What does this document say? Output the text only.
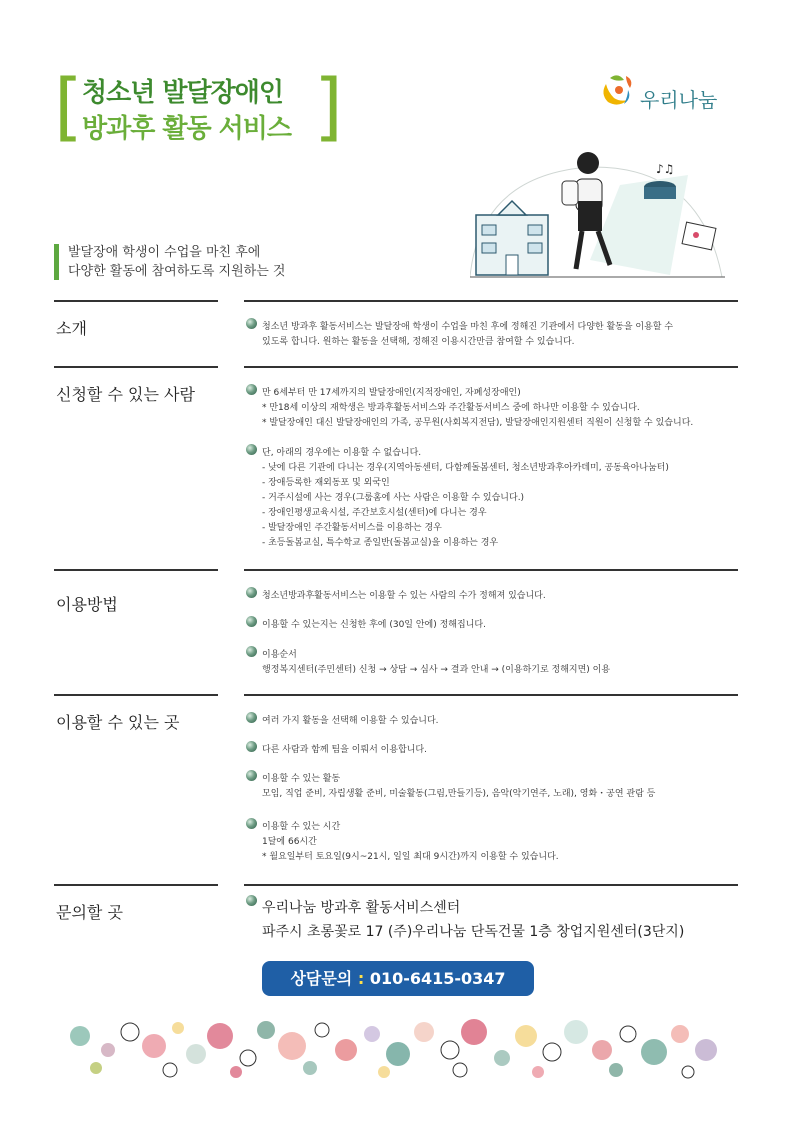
[	]
청소년 발달장애인
방과후 활동 서비스
우리나눔
♪♫
발달장애 학생이 수업을 마친 후에
다양한 활동에 참여하도록 지원하는 것
소개	청소년 방과후 활동서비스는 발달장애 학생이 수업을 마친 후에 정해진 기관에서 다양한 활동을 이용할 수
있도록 합니다. 원하는 활동을 선택해, 정해진 이용시간만큼 참여할 수 있습니다.
신청할 수 있는 사람	만 6세부터 만 17세까지의 발달장애인(지적장애인, 자폐성장애인)
* 만18세 이상의 재학생은 방과후활동서비스와 주간활동서비스 중에 하나만 이용할 수 있습니다.
* 발달장애인 대신 발달장애인의 가족, 공무원(사회복지전담), 발달장애인지원센터 직원이 신청할 수 있습니다.
단, 아래의 경우에는 이용할 수 없습니다.
- 낮에 다른 기관에 다니는 경우(지역아동센터, 다함께돌봄센터, 청소년방과후아카데미, 공동육아나눔터)
- 장애등록한 재외동포 및 외국인
- 거주시설에 사는 경우(그룹홈에 사는 사람은 이용할 수 있습니다.)
- 장애인평생교육시설, 주간보호시설(센터)에 다니는 경우
- 발달장애인 주간활동서비스를 이용하는 경우
- 초등돌봄교실, 특수학교 종일반(돌봄교실)을 이용하는 경우
이용방법	청소년방과후활동서비스는 이용할 수 있는 사람의 수가 정해져 있습니다.
이용할 수 있는지는 신청한 후에 (30일 안에) 정해집니다.
이용순서
행정복지센터(주민센터) 신청 → 상담 → 심사 → 결과 안내 → (이용하기로 정해지면) 이용
이용할 수 있는 곳	여러 가지 활동을 선택해 이용할 수 있습니다.
다른 사람과 함께 팀을 이뤄서 이용합니다.
이용할 수 있는 활동
모임, 직업 준비, 자립생활 준비, 미술활동(그림,만들기등), 음악(악기연주, 노래), 영화・공연 관람 등
이용할 수 있는 시간
1달에 66시간
* 월요일부터 토요일(9시~21시, 일일 최대 9시간)까지 이용할 수 있습니다.
문의할 곳	우리나눔 방과후 활동서비스센터
파주시 초롱꽃로 17 (주)우리나눔 단독건물 1층 창업지원센터(3단지)
상담문의 : 010-6415-0347
